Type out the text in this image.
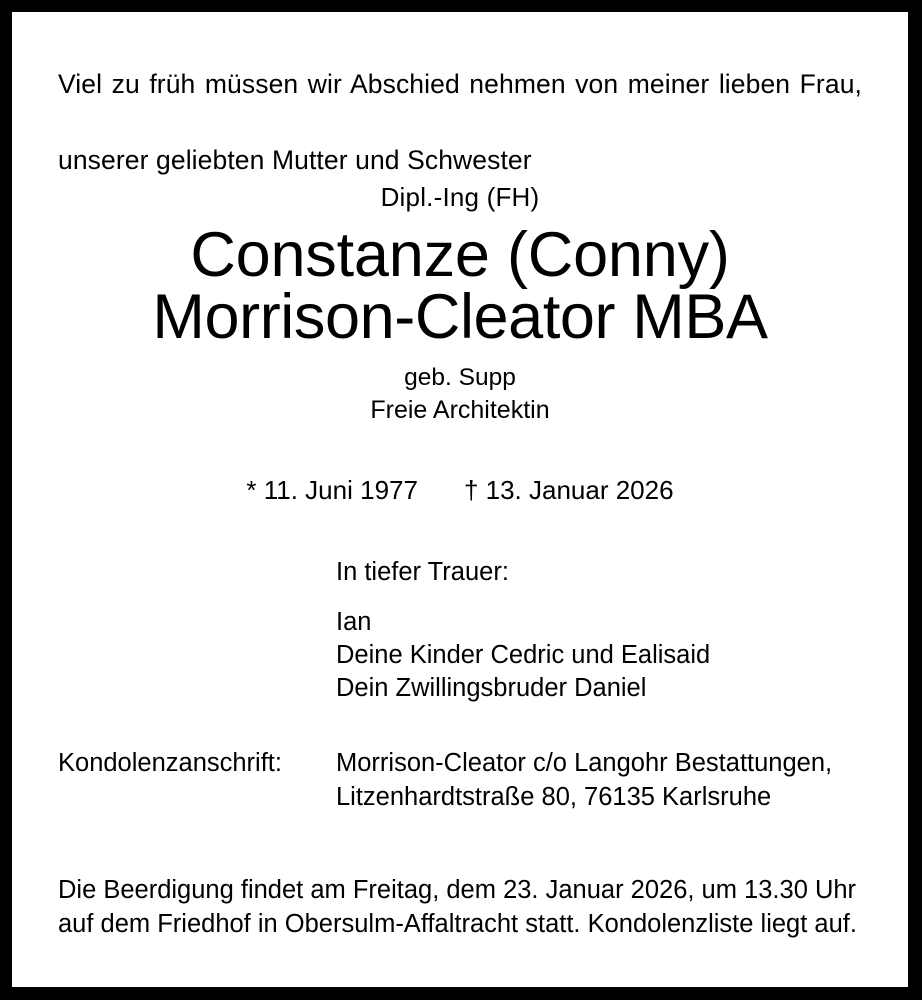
Viel zu früh müssen wir Abschied nehmen von meiner lieben Frau,
unserer geliebten Mutter und Schwester
Dipl.-Ing (FH)
Constanze (Conny)
Morrison-Cleator MBA
geb. Supp
Freie Architektin
* 11. Juni 1977 † 13. Januar 2026
In tiefer Trauer:
Ian
Deine Kinder Cedric und Ealisaid
Dein Zwillingsbruder Daniel
Kondolenzanschrift: Morrison-Cleator c/o Langohr Bestattungen,
Litzenhardtstraße 80, 76135 Karlsruhe
Die Beerdigung findet am Freitag, dem 23. Januar 2026, um 13.30 Uhr
auf dem Friedhof in Obersulm-Affaltracht statt. Kondolenzliste liegt auf.
